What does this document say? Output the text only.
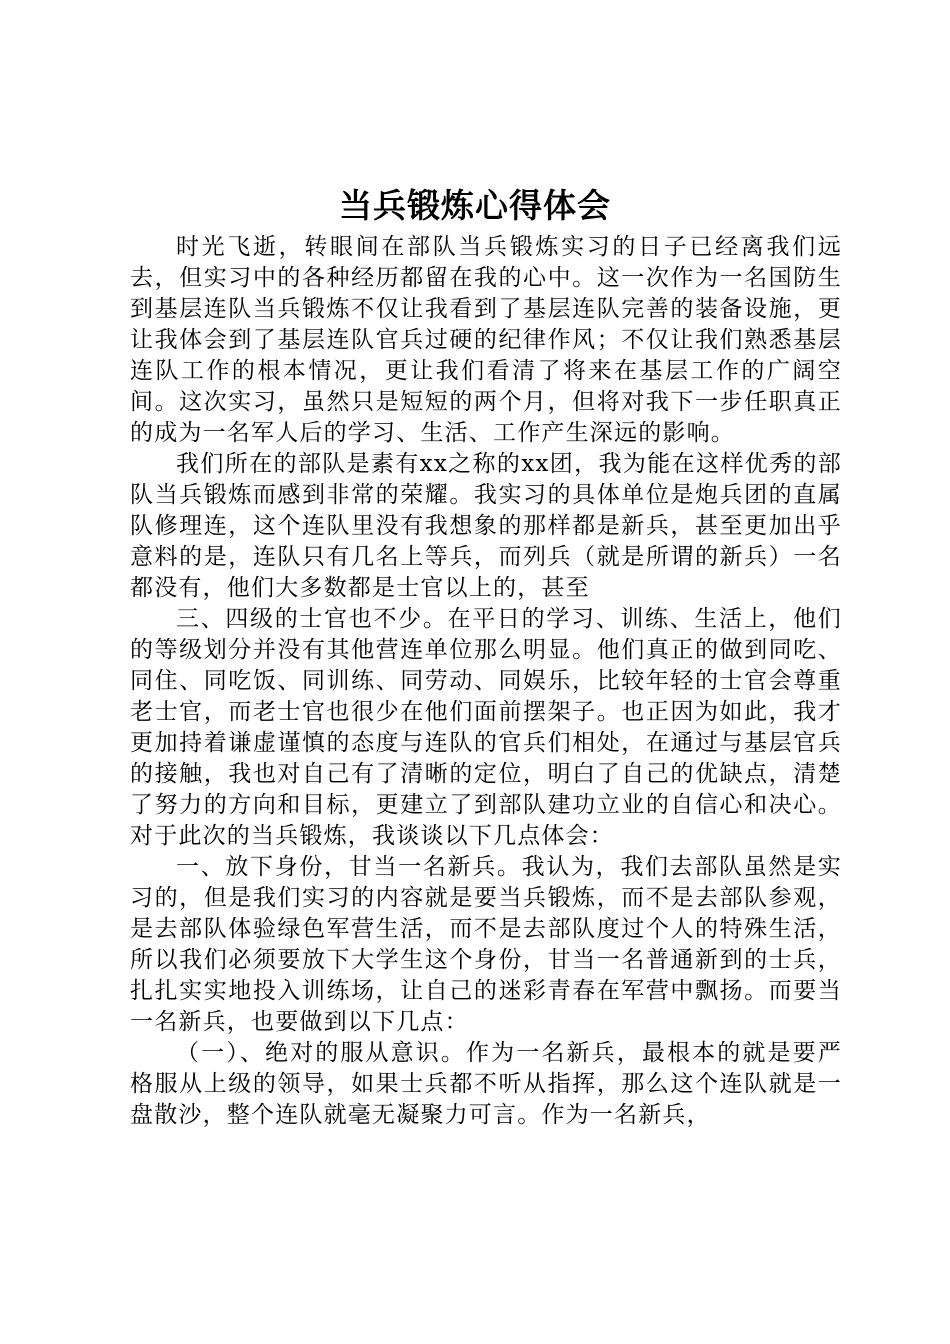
当兵锻炼心得体会

时光飞逝，转眼间在部队当兵锻炼实习的日子已经离我们远去，但实习中的各种经历都留在我的心中。这一次作为一名国防生到基层连队当兵锻炼不仅让我看到了基层连队完善的装备设施，更让我体会到了基层连队官兵过硬的纪律作风；不仅让我们熟悉基层连队工作的根本情况，更让我们看清了将来在基层工作的广阔空间。这次实习，虽然只是短短的两个月，但将对我下一步任职真正的成为一名军人后的学习、生活、工作产生深远的影响。

我们所在的部队是素有xx之称的xx团，我为能在这样优秀的部队当兵锻炼而感到非常的荣耀。我实习的具体单位是炮兵团的直属队修理连，这个连队里没有我想象的那样都是新兵，甚至更加出乎意料的是，连队只有几名上等兵，而列兵（就是所谓的新兵）一名都没有，他们大多数都是士官以上的，甚至

三、四级的士官也不少。在平日的学习、训练、生活上，他们的等级划分并没有其他营连单位那么明显。他们真正的做到同吃、同住、同吃饭、同训练、同劳动、同娱乐，比较年轻的士官会尊重老士官，而老士官也很少在他们面前摆架子。也正因为如此，我才更加持着谦虚谨慎的态度与连队的官兵们相处，在通过与基层官兵的接触，我也对自己有了清晰的定位，明白了自己的优缺点，清楚了努力的方向和目标，更建立了到部队建功立业的自信心和决心。对于此次的当兵锻炼，我谈谈以下几点体会：

一、放下身份，甘当一名新兵。我认为，我们去部队虽然是实习的，但是我们实习的内容就是要当兵锻炼，而不是去部队参观，是去部队体验绿色军营生活，而不是去部队度过个人的特殊生活，所以我们必须要放下大学生这个身份，甘当一名普通新到的士兵，扎扎实实地投入训练场，让自己的迷彩青春在军营中飘扬。而要当一名新兵，也要做到以下几点：

（一）、绝对的服从意识。作为一名新兵，最根本的就是要严格服从上级的领导，如果士兵都不听从指挥，那么这个连队就是一盘散沙，整个连队就毫无凝聚力可言。作为一名新兵，
